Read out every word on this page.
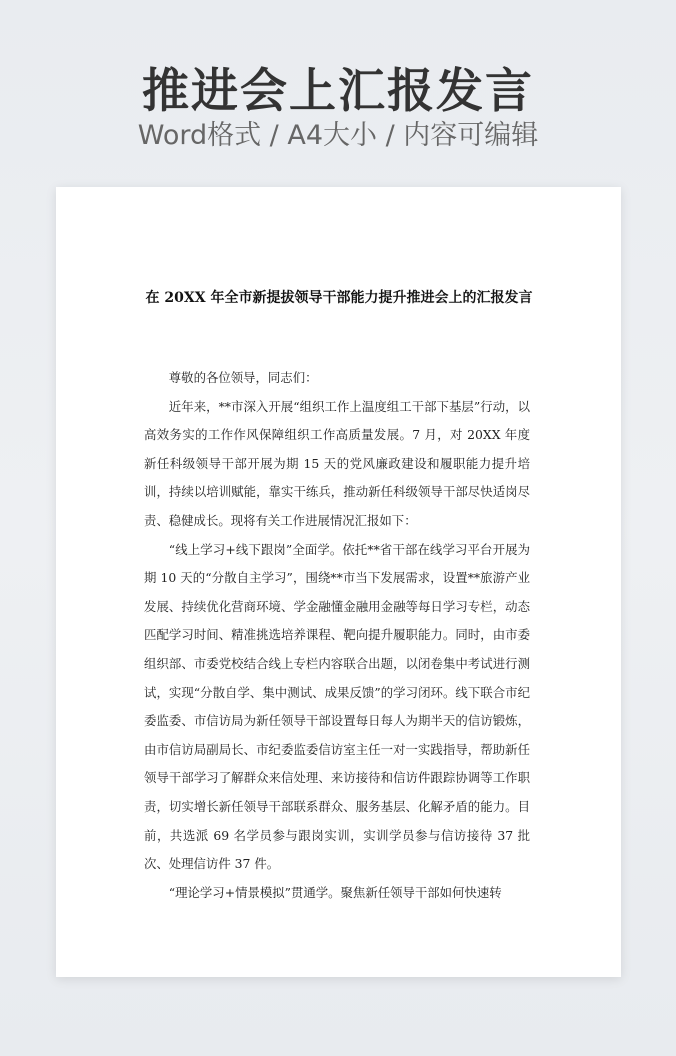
推进会上汇报发言
Word格式 / A4大小 / 内容可编辑
在 20XX 年全市新提拔领导干部能力提升推进会上的汇报发言

尊敬的各位领导，同志们：

近年来，**市深入开展“组织工作上温度组工干部下基层”行动，以高效务实的工作作风保障组织工作高质量发展。7 月，对 20XX 年度新任科级领导干部开展为期 15 天的党风廉政建设和履职能力提升培训，持续以培训赋能，靠实干练兵，推动新任科级领导干部尽快适岗尽责、稳健成长。现将有关工作进展情况汇报如下：

“线上学习+线下跟岗”全面学。依托**省干部在线学习平台开展为期 10 天的“分散自主学习”，围绕**市当下发展需求，设置**旅游产业发展、持续优化营商环境、学金融懂金融用金融等每日学习专栏，动态匹配学习时间、精准挑选培养课程、靶向提升履职能力。同时，由市委组织部、市委党校结合线上专栏内容联合出题，以闭卷集中考试进行测试，实现“分散自学、集中测试、成果反馈”的学习闭环。线下联合市纪委监委、市信访局为新任领导干部设置每日每人为期半天的信访锻炼，由市信访局副局长、市纪委监委信访室主任一对一实践指导，帮助新任领导干部学习了解群众来信处理、来访接待和信访件跟踪协调等工作职责，切实增长新任领导干部联系群众、服务基层、化解矛盾的能力。目前，共选派 69 名学员参与跟岗实训，实训学员参与信访接待 37 批次、处理信访件 37 件。

“理论学习+情景模拟”贯通学。聚焦新任领导干部如何快速转
